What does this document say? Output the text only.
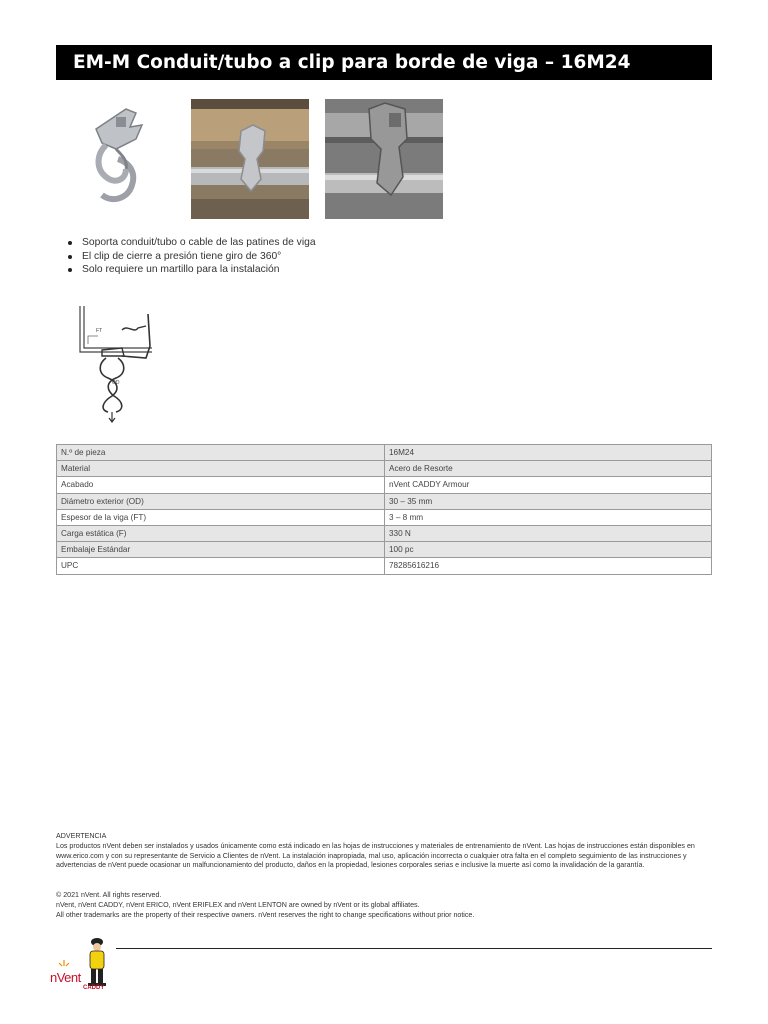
EM-M Conduit/tubo a clip para borde de viga – 16M24
Soporta conduit/tubo o cable de las patines de viga
El clip de cierre a presión tiene giro de 360°
Solo requiere un martillo para la instalación
FT
OD
N.º de pieza	16M24
Material	Acero de Resorte
Acabado	nVent CADDY Armour
Diámetro exterior (OD)	30 – 35 mm
Espesor de la viga (FT)	3 – 8 mm
Carga estática (F)	330 N
Embalaje Estándar	100 pc
UPC	78285616216

ADVERTENCIA

Los productos nVent deben ser instalados y usados únicamente como está indicado en las hojas de instrucciones y materiales de entrenamiento de nVent. Las hojas de instrucciones están disponibles en www.erico.com y con su representante de Servicio a Clientes de nVent. La instalación inapropiada, mal uso, aplicación incorrecta o cualquier otra falta en el completo seguimiento de las instrucciones y advertencias de nVent puede ocasionar un malfuncionamiento del producto, daños en la propiedad, lesiones corporales serias e inclusive la muerte así como la invalidación de la garantía.

© 2021 nVent. All rights reserved.

nVent, nVent CADDY, nVent ERICO, nVent ERIFLEX and nVent LENTON are owned by nVent or its global affiliates.

All other trademarks are the property of their respective owners. nVent reserves the right to change specifications without prior notice.

nVent
CADDY
